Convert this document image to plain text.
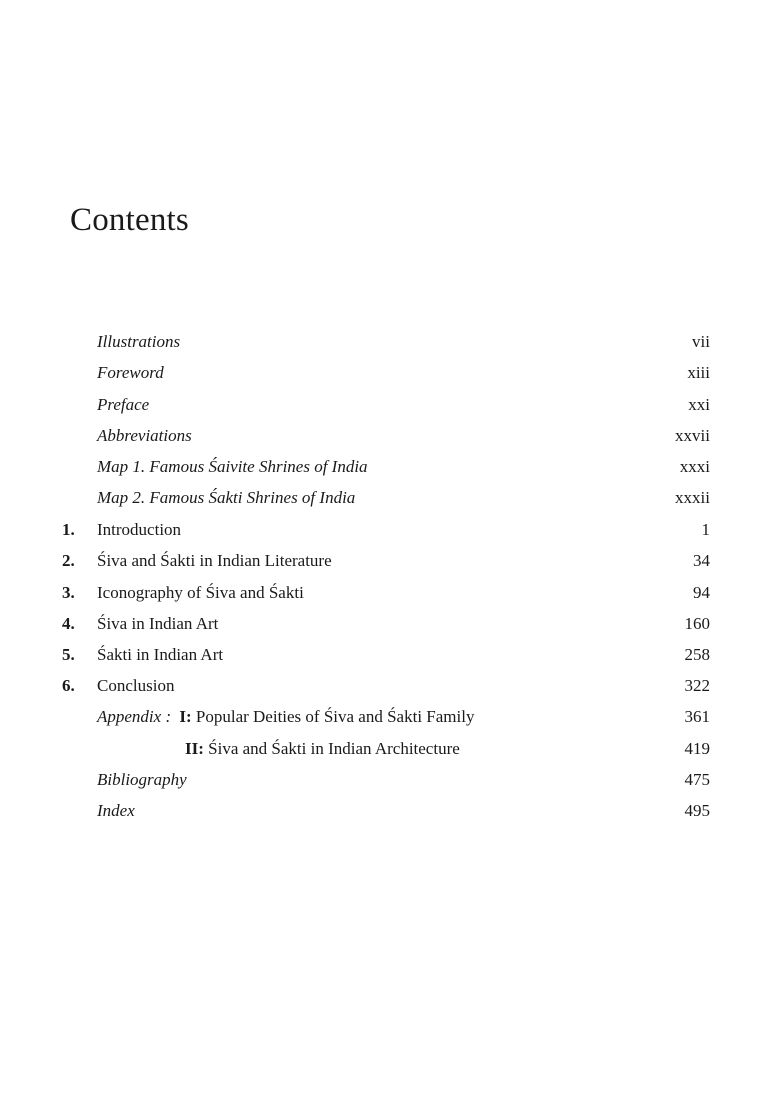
Contents
Illustrations	vii
Foreword	xiii
Preface	xxi
Abbreviations	xxvii
Map 1. Famous Śaivite Shrines of India	xxxi
Map 2. Famous Śakti Shrines of India	xxxii
1. Introduction	1
2. Śiva and Śakti in Indian Literature	34
3. Iconography of Śiva and Śakti	94
4. Śiva in Indian Art	160
5. Śakti in Indian Art	258
6. Conclusion	322
Appendix : I: Popular Deities of Śiva and Śakti Family	361
II: Śiva and Śakti in Indian Architecture	419
Bibliography	475
Index	495
